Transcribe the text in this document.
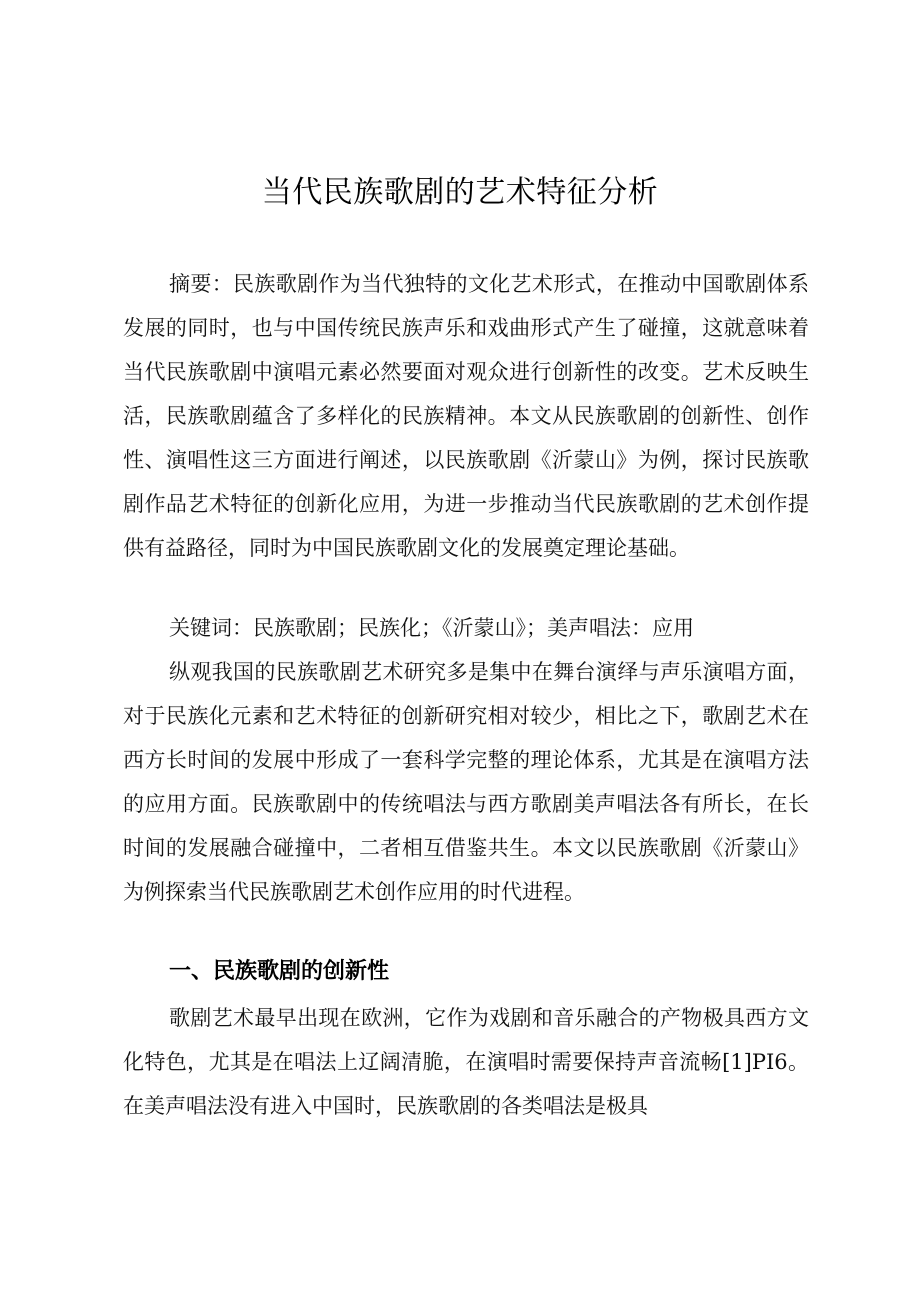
当代民族歌剧的艺术特征分析

摘要：民族歌剧作为当代独特的文化艺术形式，在推动中国歌剧体系发展的同时，也与中国传统民族声乐和戏曲形式产生了碰撞，这就意味着当代民族歌剧中演唱元素必然要面对观众进行创新性的改变。艺术反映生活，民族歌剧蕴含了多样化的民族精神。本文从民族歌剧的创新性、创作性、演唱性这三方面进行阐述，以民族歌剧《沂蒙山》为例，探讨民族歌剧作品艺术特征的创新化应用，为进一步推动当代民族歌剧的艺术创作提供有益路径，同时为中国民族歌剧文化的发展奠定理论基础。

关键词：民族歌剧；民族化；《沂蒙山》；美声唱法：应用

纵观我国的民族歌剧艺术研究多是集中在舞台演绎与声乐演唱方面，对于民族化元素和艺术特征的创新研究相对较少，相比之下，歌剧艺术在西方长时间的发展中形成了一套科学完整的理论体系，尤其是在演唱方法的应用方面。民族歌剧中的传统唱法与西方歌剧美声唱法各有所长，在长时间的发展融合碰撞中，二者相互借鉴共生。本文以民族歌剧《沂蒙山》为例探索当代民族歌剧艺术创作应用的时代进程。

一、民族歌剧的创新性

歌剧艺术最早出现在欧洲，它作为戏剧和音乐融合的产物极具西方文化特色，尤其是在唱法上辽阔清脆，在演唱时需要保持声音流畅[1]PI6。在美声唱法没有进入中国时，民族歌剧的各类唱法是极具
